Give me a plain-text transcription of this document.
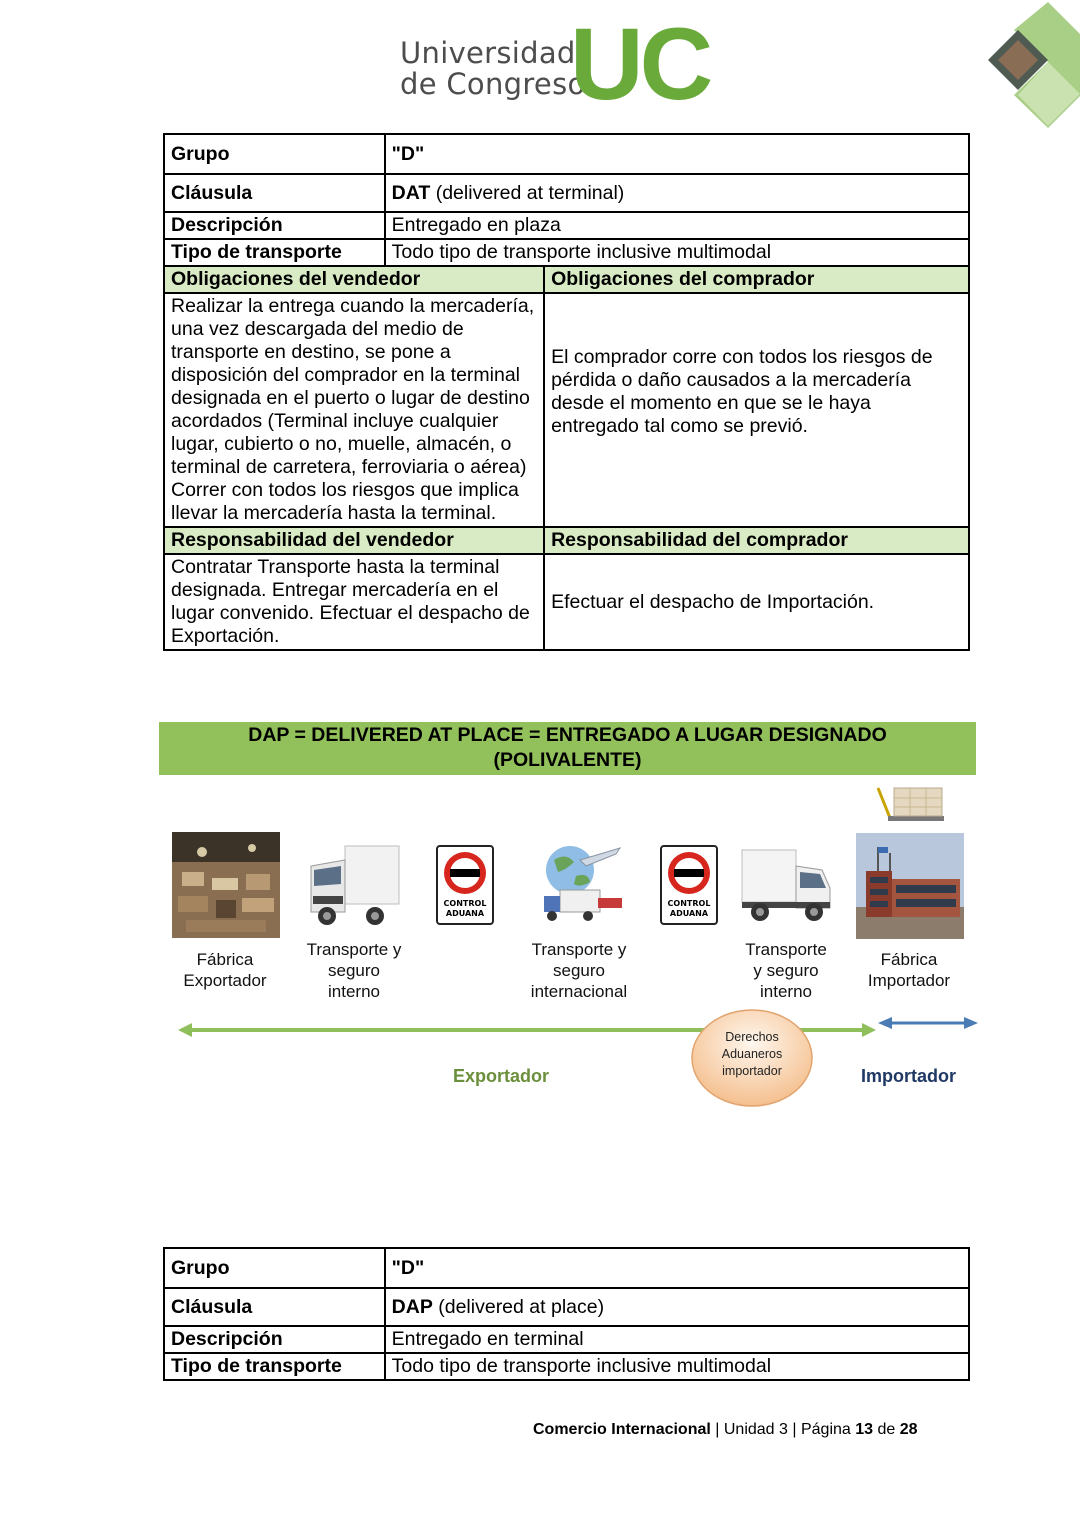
Universidad
de Congreso
UC
Grupo	"D"	
Cláusula	DAT (delivered at terminal)	
Descripción	Entregado en plaza	
Tipo de transporte	Todo tipo de transporte inclusive multimodal	
Obligaciones del vendedor		Obligaciones del comprador
Realizar la entrega cuando la mercadería, una vez descargada del medio de transporte en destino, se pone a disposición del comprador en la terminal designada en el puerto o lugar de destino acordados (Terminal incluye cualquier lugar, cubierto o no, muelle, almacén, o terminal de carretera, ferroviaria o aérea) Correr con todos los riesgos que implica llevar la mercadería hasta la terminal.		El comprador corre con todos los riesgos de pérdida o daño causados a la mercadería desde el momento en que se le haya entregado tal como se previó.
Responsabilidad del vendedor		Responsabilidad del comprador
Contratar Transporte hasta la terminal designada. Entregar mercadería en el lugar convenido. Efectuar el despacho de Exportación.		Efectuar el despacho de Importación.
DAP = DELIVERED AT PLACE = ENTREGADO A LUGAR DESIGNADO
(POLIVALENTE)
CONTROL
ADUANA
CONTROL
ADUANA
Fábrica
Exportador
Transporte y
seguro
interno
Transporte y
seguro
internacional
Transporte
y seguro
interno
Fábrica
Importador
Derechos
Aduaneros
importador
Exportador	Importador
Grupo	"D"
Cláusula	DAP (delivered at place)
Descripción	Entregado en terminal
Tipo de transporte	Todo tipo de transporte inclusive multimodal
Comercio Internacional | Unidad 3 | Página 13 de 28
